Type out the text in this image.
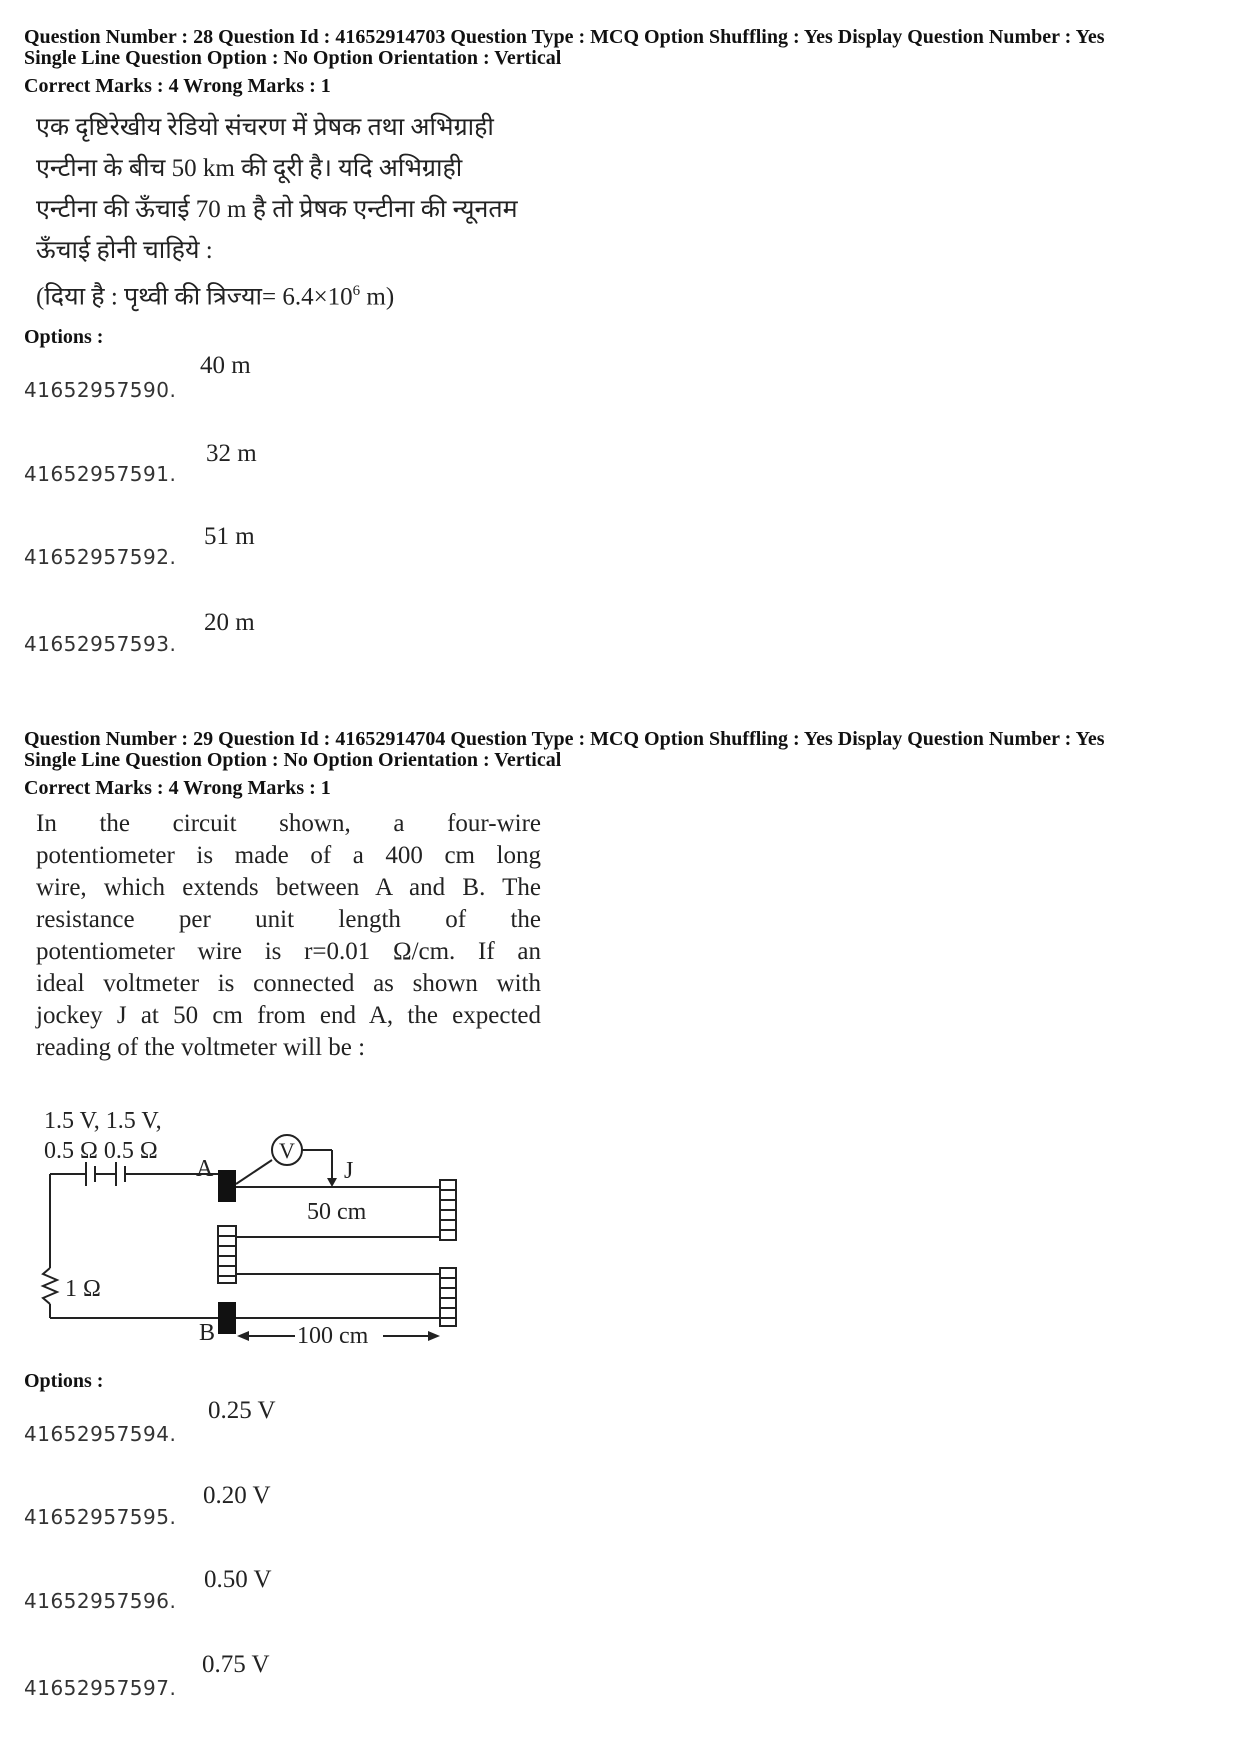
Question Number : 28 Question Id : 41652914703 Question Type : MCQ Option Shuffling : Yes Display Question Number : Yes
Single Line Question Option : No Option Orientation : Vertical
Correct Marks : 4 Wrong Marks : 1
एक दृष्टिरेखीय रेडियो संचरण में प्रेषक तथा अभिग्राही
एन्टीना के बीच 50 km की दूरी है। यदि अभिग्राही
एन्टीना की ऊँचाई 70 m है तो प्रेषक एन्टीना की न्यूनतम
ऊँचाई होनी चाहिये :
(दिया है : पृथ्वी की त्रिज्या= $6.4\times 10^6$ m)
Options :
41652957590.
40 m
41652957591.
32 m
41652957592.
51 m
41652957593.
20 m
Question Number : 29 Question Id : 41652914704 Question Type : MCQ Option Shuffling : Yes Display Question Number : Yes
Single Line Question Option : No Option Orientation : Vertical
Correct Marks : 4 Wrong Marks : 1
In the circuit shown, a four-wire
potentiometer is made of a 400 cm long
wire, which extends between A and B. The
resistance per unit length of the
potentiometer wire is r=0.01 Ω/cm. If an
ideal voltmeter is connected as shown with
jockey J at 50 cm from end A, the expected
reading of the voltmeter will be :
1.5 V, 1.5 V,
0.5 Ω 0.5 Ω
A
B
V
J
50 cm
100 cm
1 Ω
Options :
41652957594.
0.25 V
41652957595.
0.20 V
41652957596.
0.50 V
41652957597.
0.75 V
